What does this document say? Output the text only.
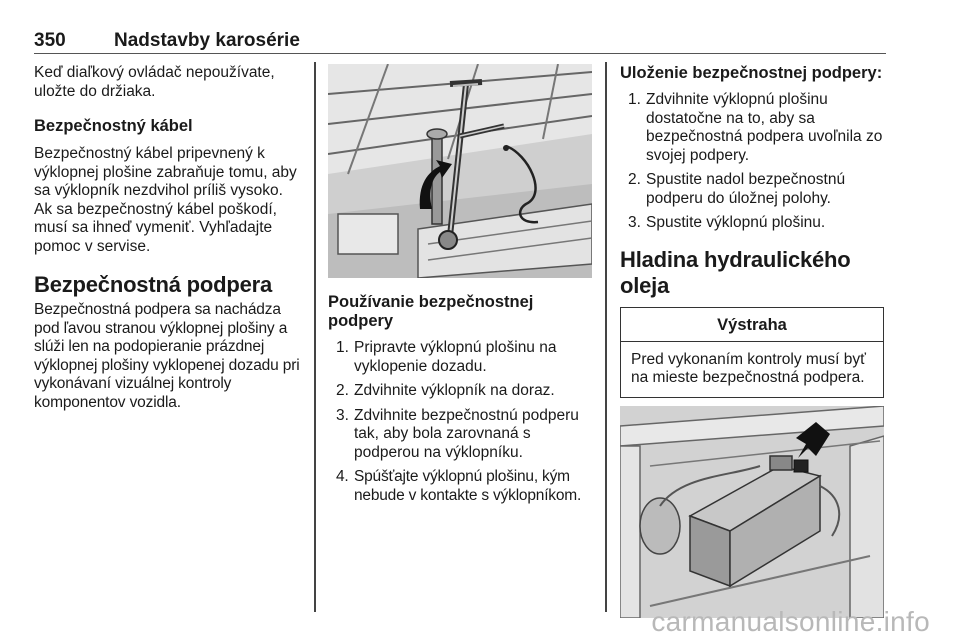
350	Nadstavby karosérie

Keď diaľkový ovládač nepoužívate, uložte do držiaka.

Bezpečnostný kábel

Bezpečnostný kábel pripevnený k výklopnej plošine zabraňuje tomu, aby sa výklopník nezdvihol príliš vysoko. Ak sa bezpečnostný kábel poškodí, musí sa ihneď vymeniť. Vyhľadajte pomoc v servise.

Bezpečnostná podpera

Bezpečnostná podpera sa nachádza pod ľavou stranou výklopnej plošiny a slúži len na podopieranie prázdnej výklopnej plošiny vyklopenej dozadu pri vykonávaní vizuálnej kontroly komponentov vozidla.

Používanie bezpečnostnej podpery
1. Pripravte výklopnú plošinu na vyklopenie dozadu.
2. Zdvihnite výklopník na doraz.
3. Zdvihnite bezpečnostnú podperu tak, aby bola zarovnaná s podperou na výklopníku.
4. Spúšťajte výklopnú plošinu, kým nebude v kontakte s výklopníkom.
Uloženie bezpečnostnej podpery:
1. Zdvihnite výklopnú plošinu dostatočne na to, aby sa bezpečnostná podpera uvoľnila zo svojej podpery.
2. Spustite nadol bezpečnostnú podperu do úložnej polohy.
3. Spustite výklopnú plošinu.
Hladina hydraulického oleja
Výstraha
Pred vykonaním kontroly musí byť na mieste bezpečnostná podpera.
carmanualsonline.info
